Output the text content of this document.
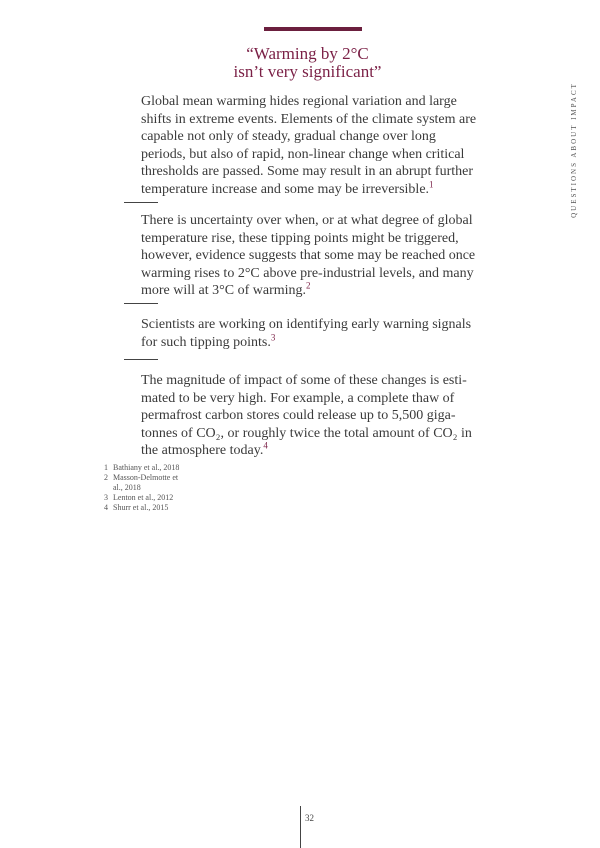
“Warming by 2°C
isn’t very significant”
QUESTIONS ABOUT IMPACT

Global mean warming hides regional variation and large shifts in extreme events. Elements of the climate system are capable not only of steady, gradual change over long periods, but also of rapid, non-linear change when critical thresholds are passed. Some may result in an abrupt further temperature increase and some may be irreversible.$^1$

There is uncertainty over when, or at what degree of global temperature rise, these tipping points might be triggered, however, evidence suggests that some may be reached once warming rises to 2°C above pre-industrial levels, and many more will at 3°C of warming.$^2$

Scientists are working on identifying early warning signals for such tipping points.$^3$

The magnitude of impact of some of these changes is estimated to be very high. For example, a complete thaw of permafrost carbon stores could release up to 5,500 gigatonnes of CO₂, or roughly twice the total amount of CO₂ in the atmosphere today.$^4$

1 Bathiany et al., 2018
2 Masson-Delmotte et al., 2018
3 Lenton et al., 2012
4 Shurr et al., 2015
32
